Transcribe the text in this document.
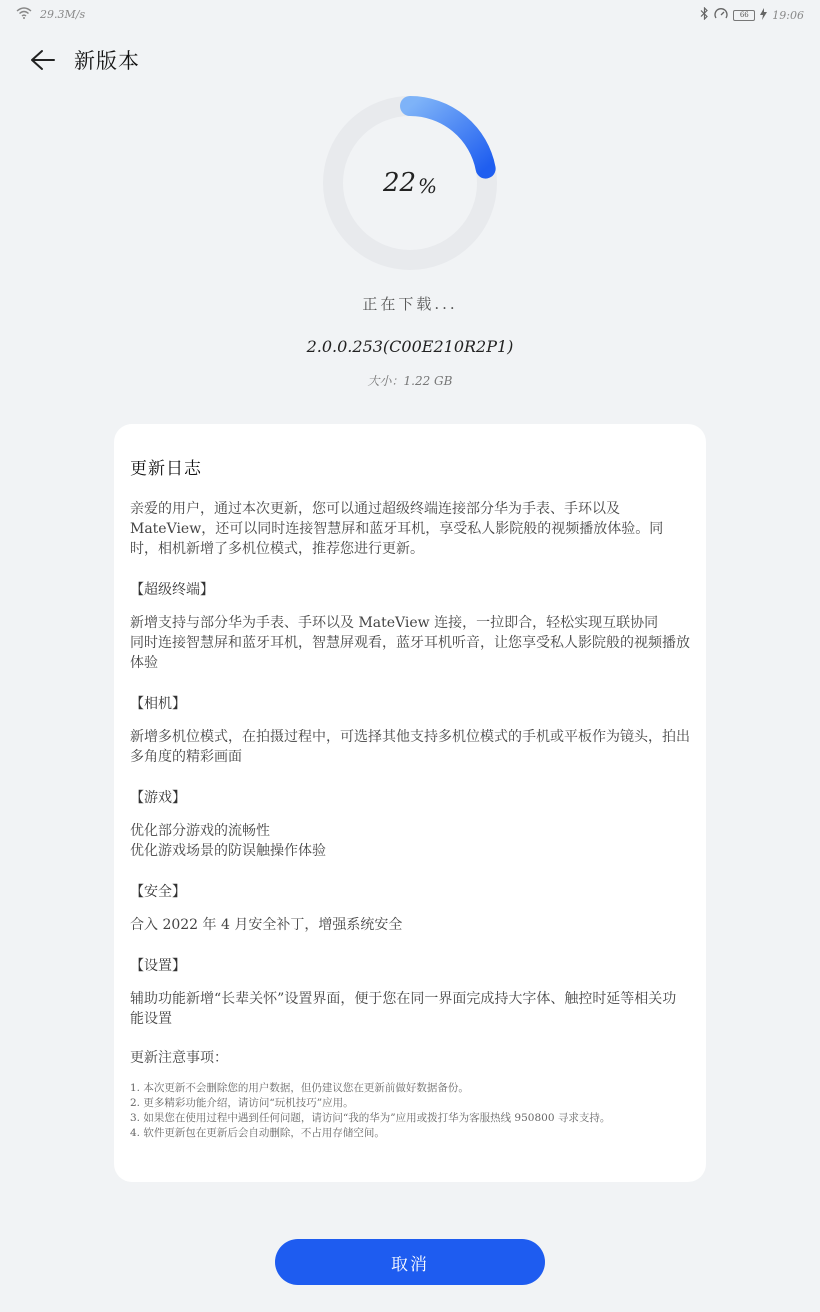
29.3M/s	66	19:06
新版本
22 %
正在下载...
2.0.0.253(C00E210R2P1)
大小：1.22 GB
更新日志
亲爱的用户，通过本次更新，您可以通过超级终端连接部分华为手表、手环以及 MateView，还可以同时连接智慧屏和蓝牙耳机，享受私人影院般的视频播放体验。同时，相机新增了多机位模式，推荐您进行更新。
【超级终端】
新增支持与部分华为手表、手环以及 MateView 连接，一拉即合，轻松实现互联协同
同时连接智慧屏和蓝牙耳机，智慧屏观看，蓝牙耳机听音，让您享受私人影院般的视频播放体验
【相机】
新增多机位模式，在拍摄过程中，可选择其他支持多机位模式的手机或平板作为镜头，拍出多角度的精彩画面
【游戏】
优化部分游戏的流畅性
优化游戏场景的防误触操作体验
【安全】
合入 2022 年 4 月安全补丁，增强系统安全
【设置】
辅助功能新增“长辈关怀”设置界面，便于您在同一界面完成持大字体、触控时延等相关功能设置
更新注意事项：
1. 本次更新不会删除您的用户数据，但仍建议您在更新前做好数据备份。
2. 更多精彩功能介绍，请访问“玩机技巧”应用。
3. 如果您在使用过程中遇到任何问题，请访问“我的华为”应用或拨打华为客服热线 950800 寻求支持。
4. 软件更新包在更新后会自动删除，不占用存储空间。
取消
